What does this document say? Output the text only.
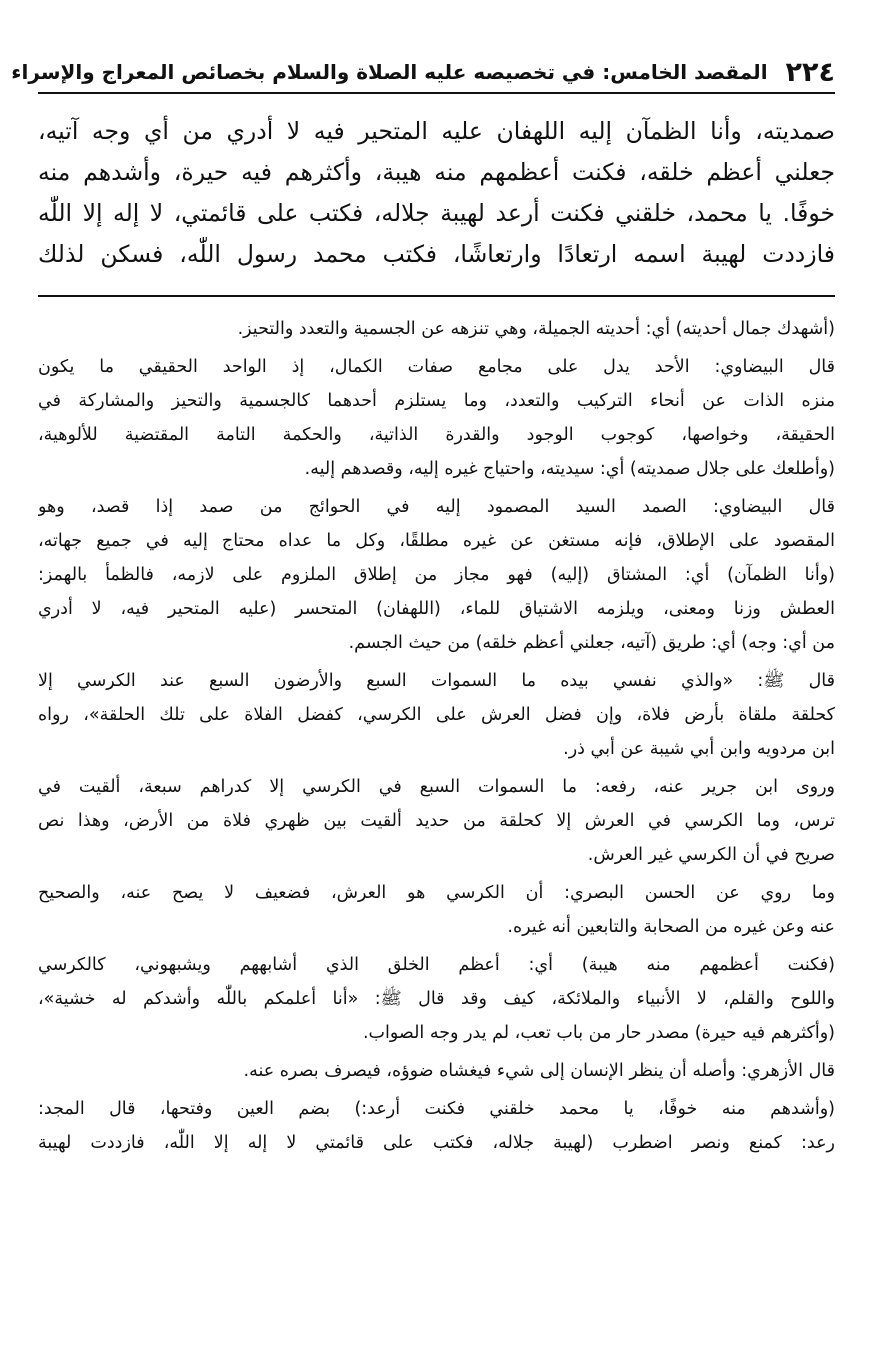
٢٢٤
المقصد الخامس: في تخصيصه عليه الصلاة والسلام بخصائص المعراج والإسراء
صمديته، وأنا الظمآن إليه اللهفان عليه المتحير فيه لا أدري من أي وجه آتيه،
جعلني أعظم خلقه، فكنت أعظمهم منه هيبة، وأكثرهم فيه حيرة، وأشدهم منه
خوفًا. يا محمد، خلقني فكنت أرعد لهيبة جلاله، فكتب على قائمتي، لا إله إلا اللّٰه
فازددت لهيبة اسمه ارتعادًا وارتعاشًا، فكتب محمد رسول اللّٰه، فسكن لذلك
(أشهدك جمال أحديته) أي: أحديته الجميلة، وهي تنزهه عن الجسمية والتعدد والتحيز.
قال البيضاوي: الأحد يدل على مجامع صفات الكمال، إذ الواحد الحقيقي ما يكون
منزه الذات عن أنحاء التركيب والتعدد، وما يستلزم أحدهما كالجسمية والتحيز والمشاركة في
الحقيقة، وخواصها، كوجوب الوجود والقدرة الذاتية، والحكمة التامة المقتضية للألوهية،
(وأطلعك على جلال صمديته) أي: سيديته، واحتياج غيره إليه، وقصدهم إليه.
قال البيضاوي: الصمد السيد المصمود إليه في الحوائج من صمد إذا قصد، وهو
المقصود على الإطلاق، فإنه مستغن عن غيره مطلقًا، وكل ما عداه محتاج إليه في جميع جهاته،
(وأنا الظمآن) أي: المشتاق (إليه) فهو مجاز من إطلاق الملزوم على لازمه، فالظمأ بالهمز:
العطش وزنا ومعنى، ويلزمه الاشتياق للماء، (اللهفان) المتحسر (عليه المتحير فيه، لا أدري
من أي: وجه) أي: طريق (آتيه، جعلني أعظم خلقه) من حيث الجسم.
قال ﷺ: «والذي نفسي بيده ما السموات السبع والأرضون السبع عند الكرسي إلا
كحلقة ملقاة بأرض فلاة، وإن فضل العرش على الكرسي، كفضل الفلاة على تلك الحلقة»، رواه
ابن مردويه وابن أبي شيبة عن أبي ذر.
وروى ابن جرير عنه، رفعه: ما السموات السبع في الكرسي إلا كدراهم سبعة، ألقيت في
ترس، وما الكرسي في العرش إلا كحلقة من حديد ألقيت بين ظهري فلاة من الأرض، وهذا نص
صريح في أن الكرسي غير العرش.
وما روي عن الحسن البصري: أن الكرسي هو العرش، فضعيف لا يصح عنه، والصحيح
عنه وعن غيره من الصحابة والتابعين أنه غيره.
(فكنت أعظمهم منه هيبة) أي: أعظم الخلق الذي أشابههم ويشبهوني، كالكرسي
واللوح والقلم، لا الأنبياء والملائكة، كيف وقد قال ﷺ: «أنا أعلمكم باللّٰه وأشدكم له خشية»،
(وأكثرهم فيه حيرة) مصدر حار من باب تعب، لم يدر وجه الصواب.
قال الأزهري: وأصله أن ينظر الإنسان إلى شيء فيغشاه ضوؤه، فيصرف بصره عنه.
(وأشدهم منه خوفًا، يا محمد خلقني فكنت أرعد:) بضم العين وفتحها، قال المجد:
رعد: كمنع ونصر اضطرب (لهيبة جلاله، فكتب على قائمتي لا إله إلا اللّٰه، فازددت لهيبة
